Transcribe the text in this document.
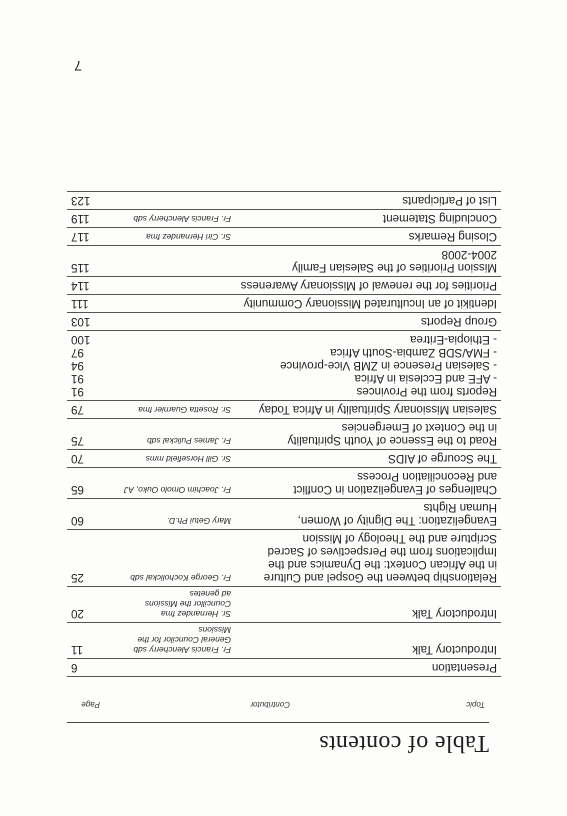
Table of contents
Topic
Contributor
Page
Presentation
6
Introductory Talk
Fr. Francis Alencherry sdb
General Councilor for the
Missions
11
Introductory Talk
Sr. Hernandez fma
Councillor the Missions
ad genetes
20
Relationship between the Gospel and Culture
in the African Context: the Dynamics and the
Implications from the Perspectives of Sacred
Scripture and the Theology of Mission
Fr. George Kocholickal sdb
25
Evangelization: The Dignity of Women,
Human Rights
Mary Getui Ph.D.
60
Challenges of Evangelization in Conflict
and Reconciliation Process
Fr. Joachim Omolo Ouko, AJ
65
The Scourge of AIDS
Sr. Gill Horsefield mms
70
Road to the Essence of Youth Spirituality
in the Context of Emergencies
Fr. James Pulickal sdb
75
Salesian Missionary Spirituality in Africa Today
Sr. Rosetta Guarnier fma
79
Reports from the Provinces
- AFE and Ecclesia in Africa
- Salesian Presence in ZMB Vice-province
- FMA/SDB Zambia-South Africa
- Ethiopia-Eritrea
91
91
94
97
100
Group Reports
103
Identikit of an Inculturated Missionary Community
111
Priorities for the renewal of Missionary Awareness
114
Mission Priorities of the Salesian Family
2004-2008
115
Closing Remarks
Sr. Ciri Hernandez fma
117
Concluding Statement
Fr. Francis Alencherry sdb
119
List of Participants
123
7
